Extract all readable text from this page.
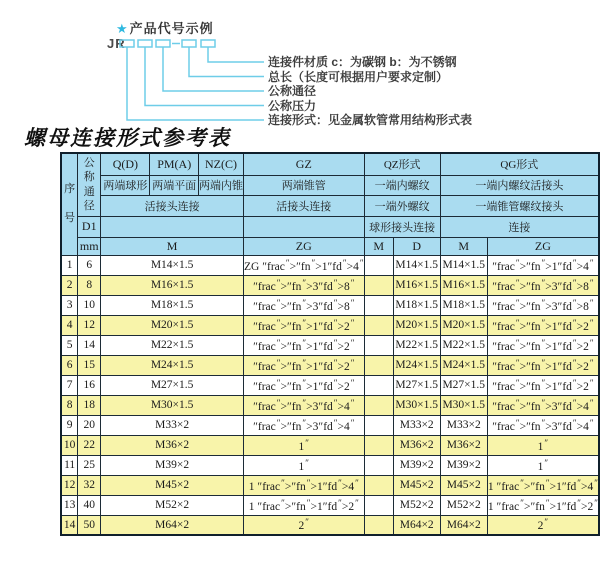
★产品代号示例
JR
连接件材质 c：为碳钢 b：为不锈钢
总长（长度可根据用户要求定制）
公称通径
公称压力
连接形式：见金属软管常用结构形式表
螺母连接形式参考表
序
号	公
称
通
径	Q(D)	PM(A)	NZ(C)	GZ	QZ形式		QG形式	
		两端球形	两端平面	两端内锥	两端锥管	一端内螺纹		一端内螺纹活接头	
		活接头连接			活接头连接	一端外螺纹		一端锥管螺纹接头	
	D1					球形接头连接		连接	
	mm	M			ZG	M	D	M	ZG
1	6	M14×1.5			ZG ″frac″>″fn″>1″fd″>4″		M14×1.5	M14×1.5	″frac″>″fn″>1″fd″>4″
2	8	M16×1.5			″frac″>″fn″>3″fd″>8″		M16×1.5	M16×1.5	″frac″>″fn″>3″fd″>8″
3	10	M18×1.5			″frac″>″fn″>3″fd″>8″		M18×1.5	M18×1.5	″frac″>″fn″>3″fd″>8″
4	12	M20×1.5			″frac″>″fn″>1″fd″>2″		M20×1.5	M20×1.5	″frac″>″fn″>1″fd″>2″
5	14	M22×1.5			″frac″>″fn″>1″fd″>2″		M22×1.5	M22×1.5	″frac″>″fn″>1″fd″>2″
6	15	M24×1.5			″frac″>″fn″>1″fd″>2″		M24×1.5	M24×1.5	″frac″>″fn″>1″fd″>2″
7	16	M27×1.5			″frac″>″fn″>1″fd″>2″		M27×1.5	M27×1.5	″frac″>″fn″>1″fd″>2″
8	18	M30×1.5			″frac″>″fn″>3″fd″>4″		M30×1.5	M30×1.5	″frac″>″fn″>3″fd″>4″
9	20	M33×2			″frac″>″fn″>3″fd″>4″		M33×2	M33×2	″frac″>″fn″>3″fd″>4″
10	22	M36×2			1″		M36×2	M36×2	1″
11	25	M39×2			1″		M39×2	M39×2	1″
12	32	M45×2			1 ″frac″>″fn″>1″fd″>4″		M45×2	M45×2	1 ″frac″>″fn″>1″fd″>4″
13	40	M52×2			1 ″frac″>″fn″>1″fd″>2″		M52×2	M52×2	1 ″frac″>″fn″>1″fd″>2″
14	50	M64×2			2″		M64×2	M64×2	2″
